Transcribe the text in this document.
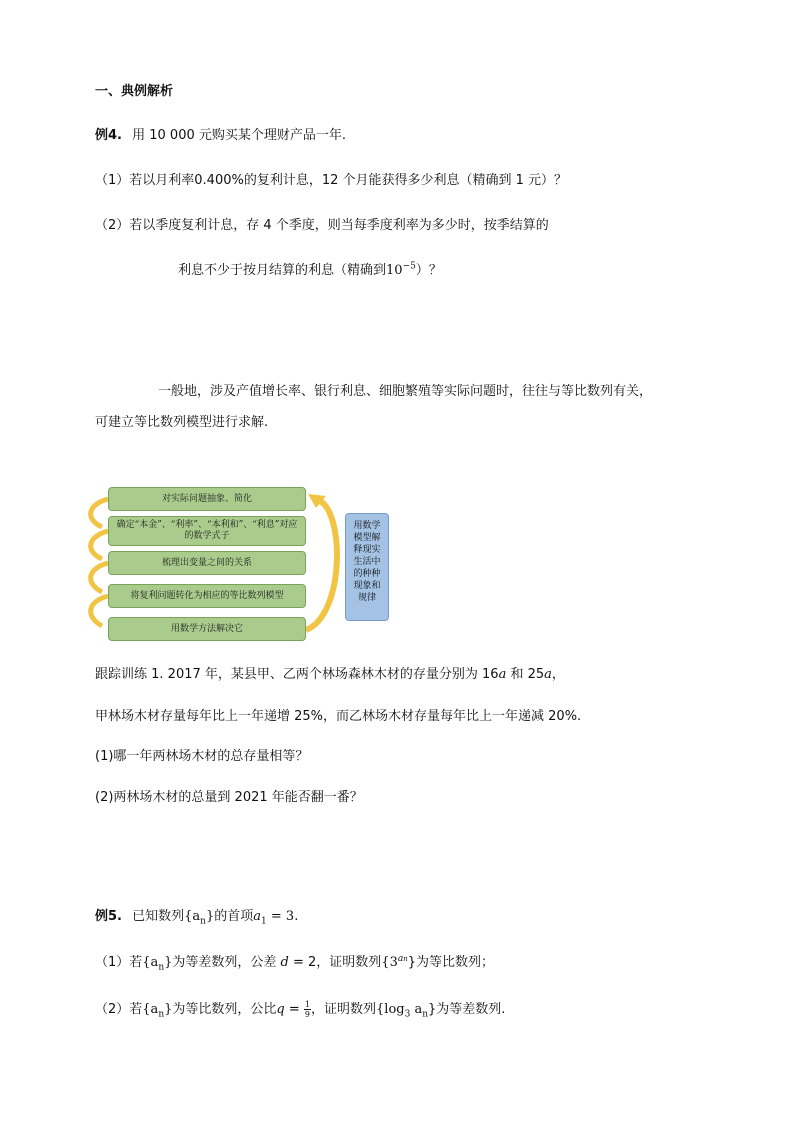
一、典例解析
例4. 用 10 000 元购买某个理财产品一年.
（1）若以月利率0.400%的复利计息，12 个月能获得多少利息（精确到 1 元）？
（2）若以季度复利计息，存 4 个季度，则当每季度利率为多少时，按季结算的
利息不少于按月结算的利息（精确到$10^{-5}$）？
一般地，涉及产值增长率、银行利息、细胞繁殖等实际问题时，往往与等比数列有关，
可建立等比数列模型进行求解.
对实际问题抽象、简化
确定“本金”、“利率”、“本利和”、“利息”对应的数学式子
梳理出变量之间的关系
将复利问题转化为相应的等比数列模型
用数学方法解决它
用数学模型解释现实生活中的种种现象和规律
跟踪训练 1. 2017 年，某县甲、乙两个林场森林木材的存量分别为 16a 和 25a，
甲林场木材存量每年比上一年递增 25%，而乙林场木材存量每年比上一年递减 20%.
(1)哪一年两林场木材的总存量相等？
(2)两林场木材的总量到 2021 年能否翻一番？
例5. 已知数列$\{a_n\}$的首项$a_1 = 3$.
（1）若$\{a_n\}$为等差数列，公差 d = 2，证明数列$\{3^{an}\}$为等比数列；
（2）若$\{a_n\}$为等比数列，公比$q = \frac{1}{9}$ ，证明数列{$\log_3$ $a_n$}为等差数列.
